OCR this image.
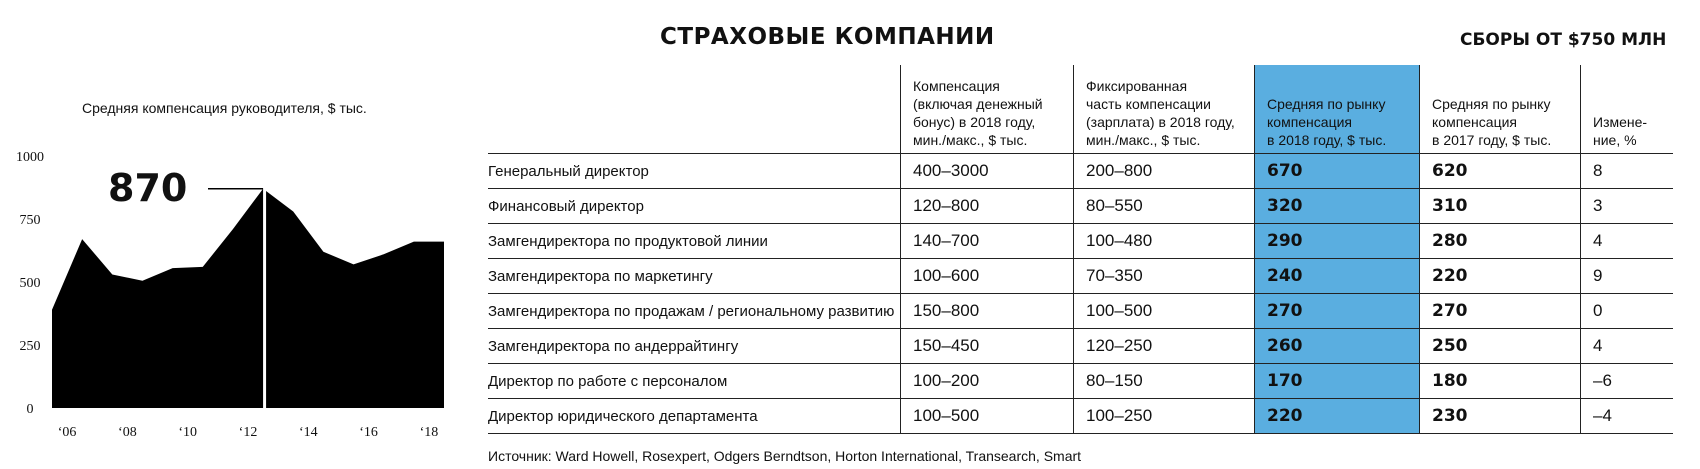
Средняя компенсация руководителя, $ тыс.
870
0
250
500
750
1000
‘06	‘08	‘10	‘12	‘14	‘16	‘18
СТРАХОВЫЕ КОМПАНИИ	СБОРЫ ОТ $750 МЛН
	Компенсация
(включая денежный
бонус) в 2018 году,
мин./макс., $ тыс.	Фиксированная
часть компенсации
(зарплата) в 2018 году,
мин./макс., $ тыс.	Средняя по рынку
компенсация
в 2018 году, $ тыс.	Средняя по рынку
компенсация
в 2017 году, $ тыс.	Измене-
ние, %
Генеральный директор	400–3000	200–800	670	620	8
Финансовый директор	120–800	80–550	320	310	3
Замгендиректора по продуктовой линии	140–700	100–480	290	280	4
Замгендиректора по маркетингу	100–600	70–350	240	220	9
Замгендиректора по продажам / региональному развитию	150–800	100–500	270	270	0
Замгендиректора по андеррайтингу	150–450	120–250	260	250	4
Директор по работе с персоналом	100–200	80–150	170	180	–6
Директор юридического департамента	100–500	100–250	220	230	–4

Источник: Ward Howell, Rosexpert, Odgers Berndtson, Horton International, Transearch, Smart
